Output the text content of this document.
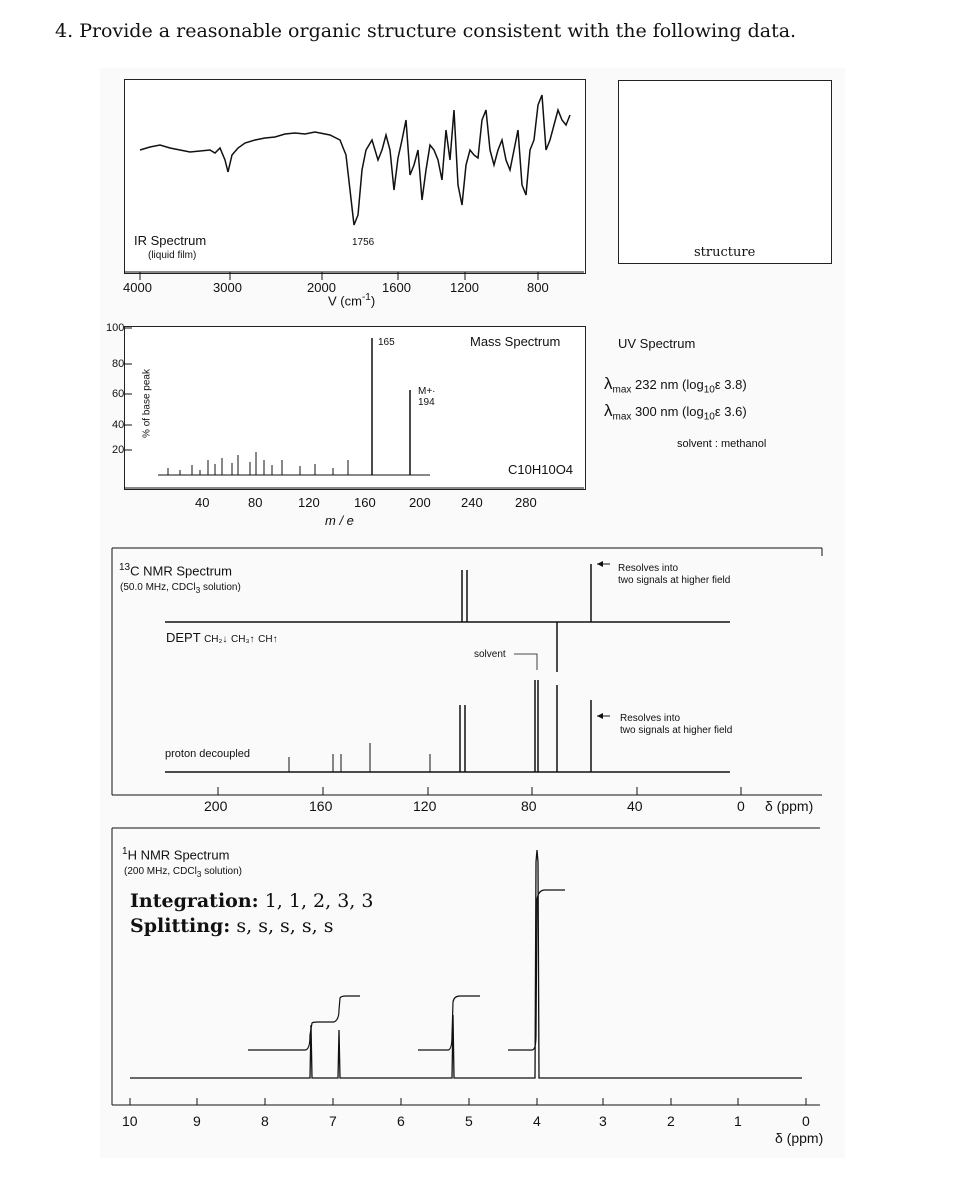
4. Provide a reasonable organic structure consistent with the following data.
IR Spectrum
(liquid film)
1756
4000	3000	2000	1600	1200	800
V $(cm^{-1})$
structure
100
80
60
40
20
% of base peak
165
M+·
194
Mass Spectrum
C10H10O4
40	80	120	160	200 240 280
m / e
UV Spectrum
$\lambda_{max}$ 232 nm ($\log_{10}\varepsilon$ 3.8)
$\lambda_{max}$ 300 nm ($\log_{10}\varepsilon$ 3.6)
solvent : methanol
$^{13}$C NMR Spectrum
(50.0 MHz, CDCl$_3$ solution)
DEPT CH₂↓ CH₃↑ CH↑
solvent
Resolves into
two signals at higher field
Resolves into
two signals at higher field
proton decoupled
200	160	120	80	40	0 δ (ppm)
$^1$H NMR Spectrum
(200 MHz, CDCl$_3$ solution)
Integration: 1, 1, 2, 3, 3
Splitting: s, s, s, s, s
10	9	8	7	6	5	4	3	2	1	0
δ (ppm)
